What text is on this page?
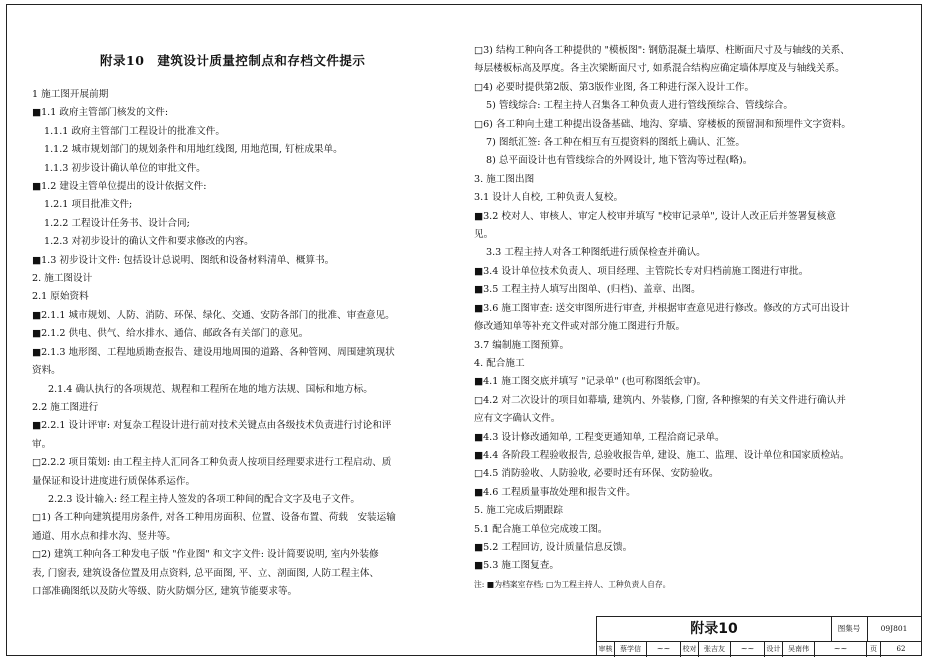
附录10　建筑设计质量控制点和存档文件提示
1 施工图开展前期
■1.1 政府主管部门核发的文件:
1.1.1 政府主管部门工程设计的批准文件。
1.1.2 城市规划部门的规划条件和用地红线图, 用地范围, 钉桩成果单。
1.1.3 初步设计确认单位的审批文件。
■1.2 建设主管单位提出的设计依据文件:
1.2.1 项目批准文件;
1.2.2 工程设计任务书、设计合同;
1.2.3 对初步设计的确认文件和要求修改的内容。
■1.3 初步设计文件: 包括设计总说明、图纸和设备材料清单、概算书。
2. 施工图设计
2.1 原始资料
■2.1.1 城市规划、人防、消防、环保、绿化、交通、安防各部门的批准、审查意见。
■2.1.2 供电、供气、给水排水、通信、邮政各有关部门的意见。
■2.1.3 地形图、工程地质勘查报告、建设用地周围的道路、各种管网、周围建筑现状
资料。
2.1.4 确认执行的各项规范、规程和工程所在地的地方法规、国标和地方标。
2.2 施工图进行
■2.2.1 设计评审: 对复杂工程设计进行前对技术关键点由各级技术负责进行讨论和评
审。
□2.2.2 项目策划: 由工程主持人汇同各工种负责人按项目经理要求进行工程启动、质
量保证和设计进度进行质保体系运作。
2.2.3 设计输入: 经工程主持人签发的各项工种间的配合文字及电子文件。
□1) 各工种向建筑提用房条件, 对各工种用房面积、位置、设备布置、荷载　安装运输
通道、用水点和排水沟、竖井等。
□2) 建筑工种向各工种发电子版 "作业图" 和文字文件: 设计简要说明, 室内外装修
表, 门窗表, 建筑设备位置及用点资料, 总平面图, 平、立、剖面图, 人防工程主体、
口部准确图纸以及防火等级、防火防烟分区, 建筑节能要求等。
□3) 结构工种向各工种提供的 "模板图": 钢筋混凝土墙厚、柱断面尺寸及与轴线的关系、
每层楼板标高及厚度。各主次梁断面尺寸, 如系混合结构应确定墙体厚度及与轴线关系。
□4) 必要时提供第2版、第3版作业图, 各工种进行深入设计工作。
5) 管线综合: 工程主持人召集各工种负责人进行管线预综合、管线综合。
□6) 各工种向土建工种提出设备基础、地沟、穿墙、穿楼板的预留洞和预埋件文字资料。
7) 图纸汇签: 各工种在相互有互提资料的图纸上确认、汇签。
8) 总平面设计也有管线综合的外网设计, 地下管沟等过程(略)。
3. 施工图出图
3.1 设计人自校, 工种负责人复校。
■3.2 校对人、审核人、审定人校审并填写 "校审记录单", 设计人改正后并签署复核意
见。
3.3 工程主持人对各工种图纸进行质保检查并确认。
■3.4 设计单位技术负责人、项目经理、主管院长专对归档前施工图进行审批。
■3.5 工程主持人填写出图单、(归档)、盖章、出图。
■3.6 施工图审查: 送交审图所进行审查, 并根据审查意见进行修改。修改的方式可出设计
修改通知单等补充文件或对部分施工图进行升版。
3.7 编制施工图预算。
4. 配合施工
■4.1 施工图交底并填写 "记录单" (也可称图纸会审)。
□4.2 对二次设计的项目如幕墙, 建筑内、外装修, 门窗, 各种擦架的有关文件进行确认并
应有文字确认文件。
■4.3 设计修改通知单, 工程变更通知单, 工程洽商记录单。
■4.4 各阶段工程验收报告, 总验收报告单, 建设、施工、监理、设计单位和国家质检站。
□4.5 消防验收、人防验收, 必要时还有环保、安防验收。
■4.6 工程质量事故处理和报告文件。
5. 施工完成后期跟踪
5.1 配合施工单位完成竣工图。
■5.2 工程回访, 设计质量信息反馈。
■5.3 施工图复查。
注: ■为档案室存档; □为工程主持人、工种负责人自存。
附录10	图集号	09J801
审核	蔡学信	~~	校对	张吉友	~~	设计	吴南伟	~~	页	62
